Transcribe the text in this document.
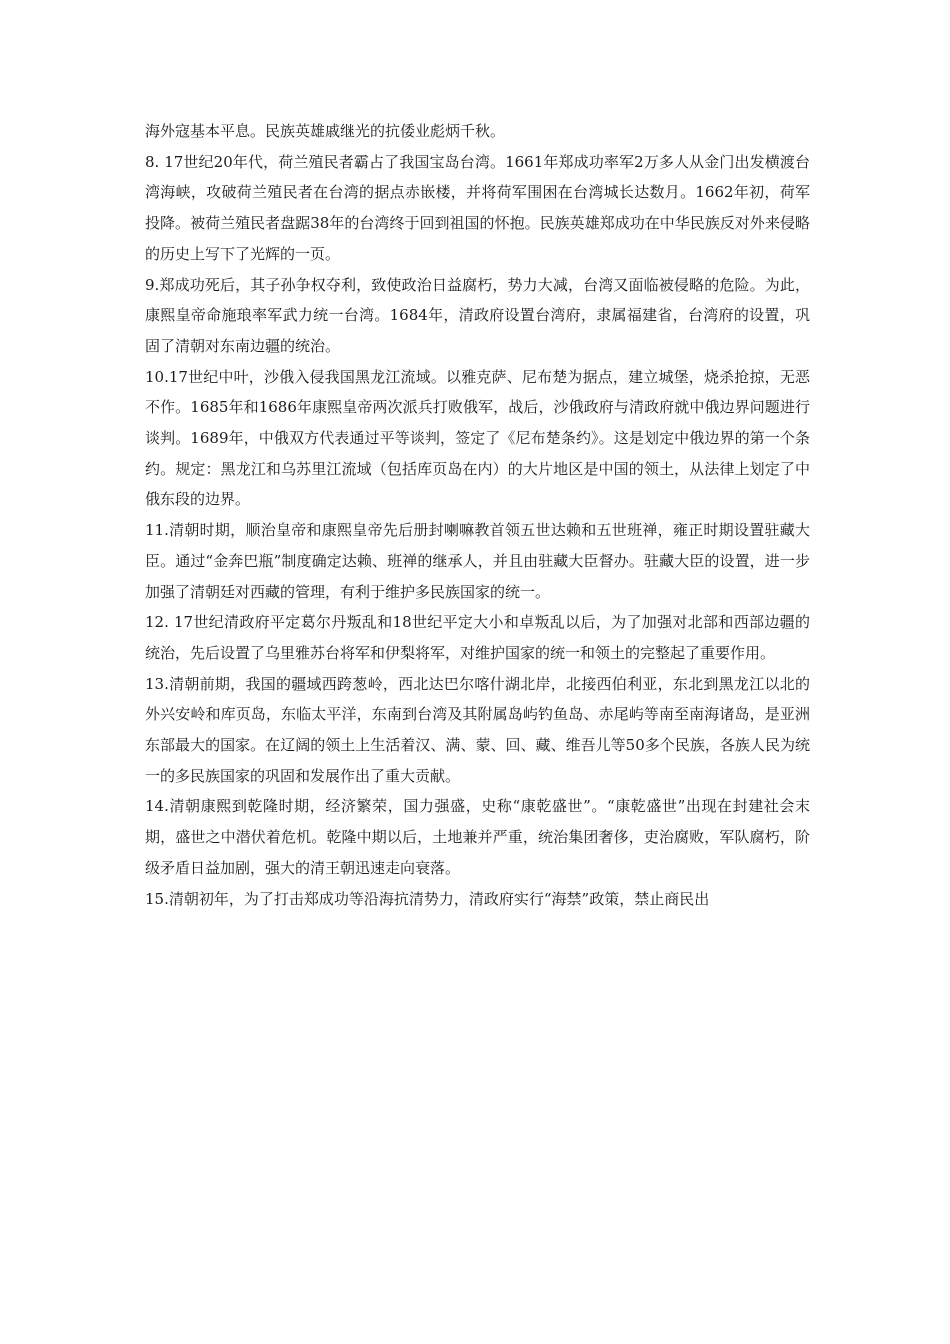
海外寇基本平息。民族英雄戚继光的抗倭业彪炳千秋。

8. 17世纪20年代，荷兰殖民者霸占了我国宝岛台湾。1661年郑成功率军2万多人从金门出发横渡台湾海峡，攻破荷兰殖民者在台湾的据点赤嵌楼，并将荷军围困在台湾城长达数月。1662年初，荷军投降。被荷兰殖民者盘踞38年的台湾终于回到祖国的怀抱。民族英雄郑成功在中华民族反对外来侵略的历史上写下了光辉的一页。

9.郑成功死后，其子孙争权夺利，致使政治日益腐朽，势力大减，台湾又面临被侵略的危险。为此，康熙皇帝命施琅率军武力统一台湾。1684年，清政府设置台湾府，隶属福建省，台湾府的设置，巩固了清朝对东南边疆的统治。

10.17世纪中叶，沙俄入侵我国黑龙江流域。以雅克萨、尼布楚为据点，建立城堡，烧杀抢掠，无恶不作。1685年和1686年康熙皇帝两次派兵打败俄军，战后，沙俄政府与清政府就中俄边界问题进行谈判。1689年，中俄双方代表通过平等谈判，签定了《尼布楚条约》。这是划定中俄边界的第一个条约。规定：黑龙江和乌苏里江流域（包括库页岛在内）的大片地区是中国的领土，从法律上划定了中俄东段的边界。

11.清朝时期，顺治皇帝和康熙皇帝先后册封喇嘛教首领五世达赖和五世班禅，雍正时期设置驻藏大臣。通过“金奔巴瓶”制度确定达赖、班禅的继承人，并且由驻藏大臣督办。驻藏大臣的设置，进一步加强了清朝廷对西藏的管理，有利于维护多民族国家的统一。

12. 17世纪清政府平定葛尔丹叛乱和18世纪平定大小和卓叛乱以后，为了加强对北部和西部边疆的统治，先后设置了乌里雅苏台将军和伊梨将军，对维护国家的统一和领土的完整起了重要作用。

13.清朝前期，我国的疆域西跨葱岭，西北达巴尔喀什湖北岸，北接西伯利亚，东北到黑龙江以北的外兴安岭和库页岛，东临太平洋，东南到台湾及其附属岛屿钓鱼岛、赤尾屿等南至南海诸岛，是亚洲东部最大的国家。在辽阔的领土上生活着汉、满、蒙、回、藏、维吾儿等50多个民族，各族人民为统一的多民族国家的巩固和发展作出了重大贡献。

14.清朝康熙到乾隆时期，经济繁荣，国力强盛，史称“康乾盛世”。“康乾盛世”出现在封建社会末期，盛世之中潜伏着危机。乾隆中期以后，土地兼并严重，统治集团奢侈，吏治腐败，军队腐朽，阶级矛盾日益加剧，强大的清王朝迅速走向衰落。

15.清朝初年，为了打击郑成功等沿海抗清势力，清政府实行“海禁”政策，禁止商民出
